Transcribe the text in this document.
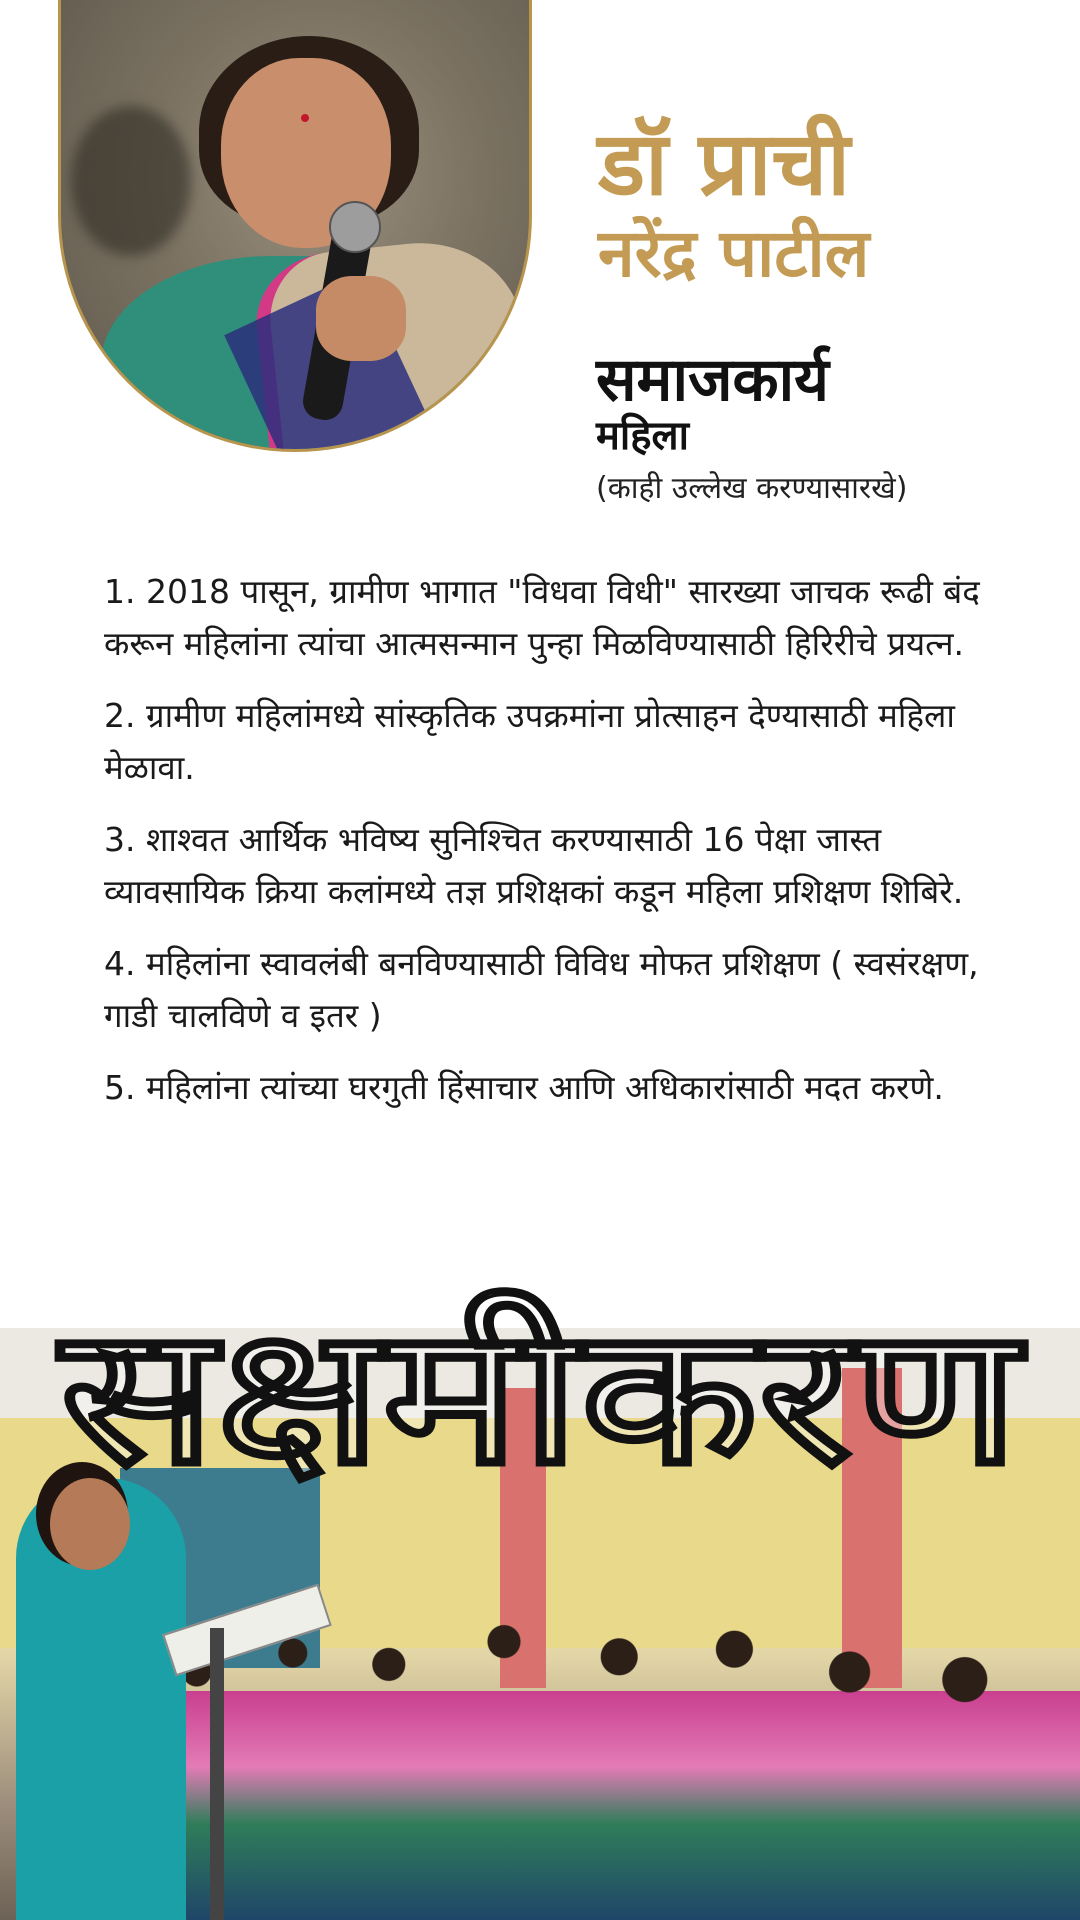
डॉ प्राची
नरेंद्र पाटील
समाजकार्य
महिला
(काही उल्लेख करण्यासारखे)

1. 2018 पासून, ग्रामीण भागात "विधवा विधी" सारख्या जाचक रूढी बंद करून महिलांना त्यांचा आत्मसन्मान पुन्हा मिळविण्यासाठी हिरिरीचे प्रयत्न.

2. ग्रामीण महिलांमध्ये सांस्कृतिक उपक्रमांना प्रोत्साहन देण्यासाठी महिला मेळावा.

3. शाश्वत आर्थिक भविष्य सुनिश्चित करण्यासाठी 16 पेक्षा जास्त व्यावसायिक क्रिया कलांमध्ये तज्ञ प्रशिक्षकां कडून महिला प्रशिक्षण शिबिरे.

4. महिलांना स्वावलंबी बनविण्यासाठी विविध मोफत प्रशिक्षण ( स्वसंरक्षण, गाडी चालविणे व इतर )

5. महिलांना त्यांच्या घरगुती हिंसाचार आणि अधिकारांसाठी मदत करणे.

सक्षमीकरण
